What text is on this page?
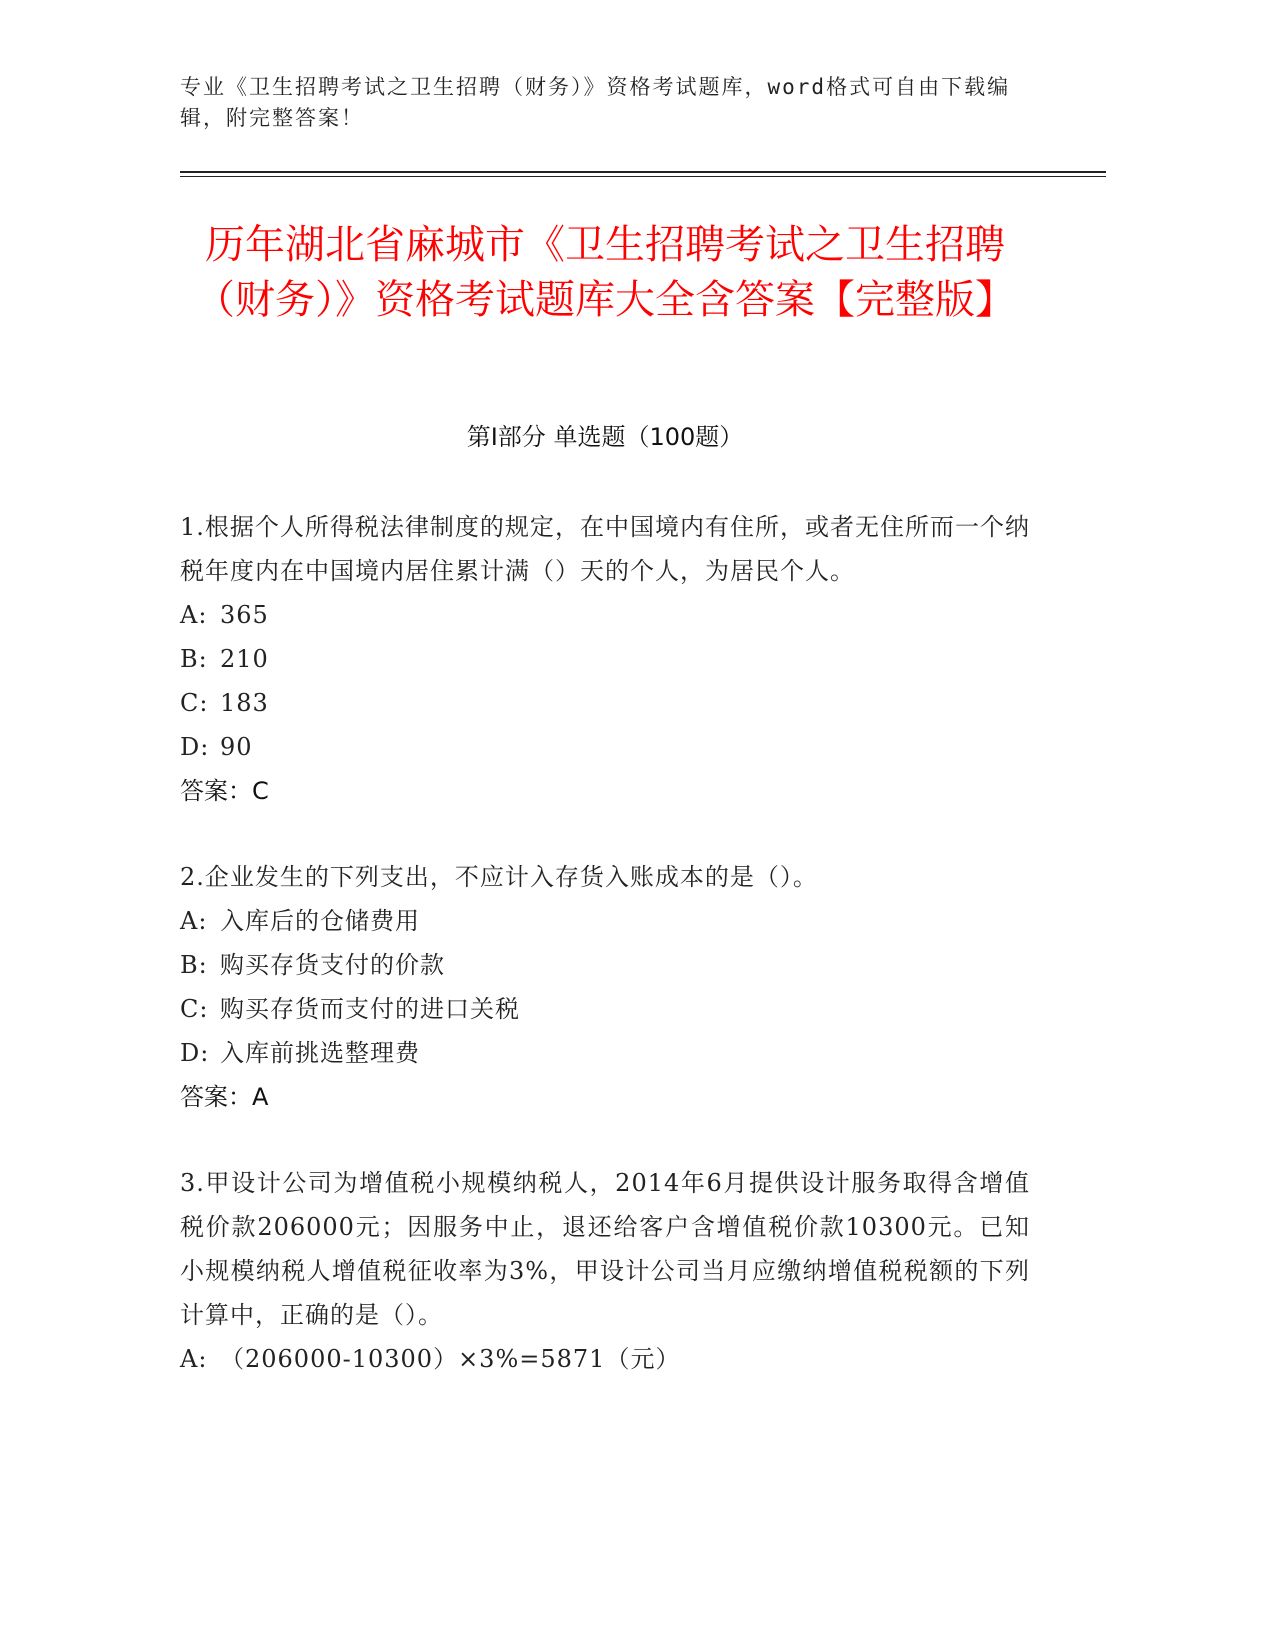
专业《卫生招聘考试之卫生招聘（财务）》资格考试题库，word格式可自由下载编辑，附完整答案！
历年湖北省麻城市《卫生招聘考试之卫生招聘（财务）》资格考试题库大全含答案【完整版】
第I部分 单选题（100题）
1.根据个人所得税法律制度的规定，在中国境内有住所，或者无住所而一个纳税年度内在中国境内居住累计满（）天的个人，为居民个人。
A: 365
B: 210
C: 183
D: 90
答案：C
2.企业发生的下列支出，不应计入存货入账成本的是（）。
A: 入库后的仓储费用
B: 购买存货支付的价款
C: 购买存货而支付的进口关税
D: 入库前挑选整理费
答案：A
3.甲设计公司为增值税小规模纳税人，2014年6月提供设计服务取得含增值税价款206000元；因服务中止，退还给客户含增值税价款10300元。已知小规模纳税人增值税征收率为3%，甲设计公司当月应缴纳增值税税额的下列计算中，正确的是（）。
A: （206000-10300）×3%=5871（元）
